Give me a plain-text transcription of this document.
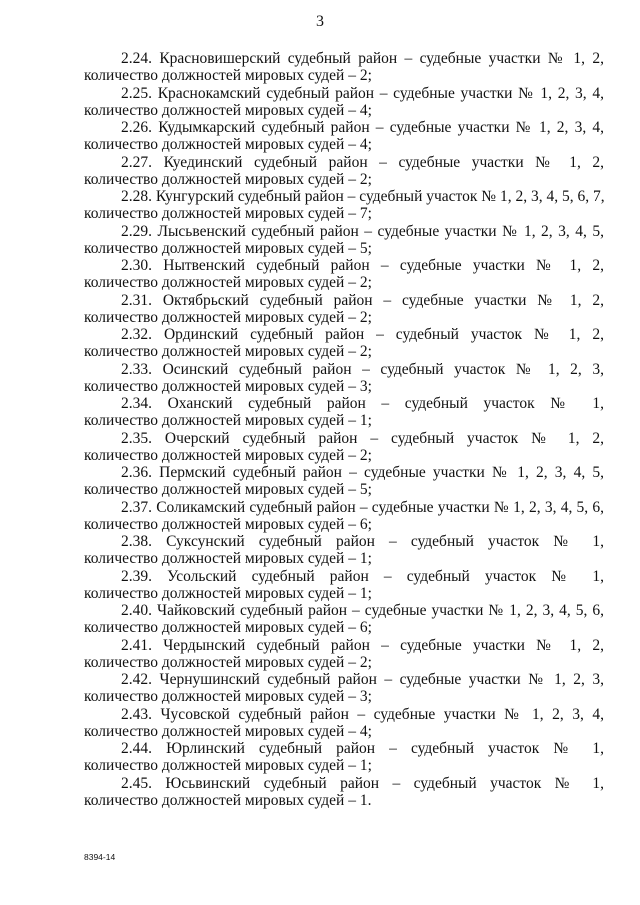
3
2.24. Красновишерский судебный район – судебные участки № 1, 2,
количество должностей мировых судей – 2;
2.25. Краснокамский судебный район – судебные участки № 1, 2, 3, 4,
количество должностей мировых судей – 4;
2.26. Кудымкарский судебный район – судебные участки № 1, 2, 3, 4,
количество должностей мировых судей – 4;
2.27. Куединский судебный район – судебные участки № 1, 2,
количество должностей мировых судей – 2;
2.28. Кунгурский судебный район – судебный участок № 1, 2, 3, 4, 5, 6, 7,
количество должностей мировых судей – 7;
2.29. Лысьвенский судебный район – судебные участки № 1, 2, 3, 4, 5,
количество должностей мировых судей – 5;
2.30. Нытвенский судебный район – судебные участки № 1, 2,
количество должностей мировых судей – 2;
2.31. Октябрьский судебный район – судебные участки № 1, 2,
количество должностей мировых судей – 2;
2.32. Ординский судебный район – судебный участок № 1, 2,
количество должностей мировых судей – 2;
2.33. Осинский судебный район – судебный участок № 1, 2, 3,
количество должностей мировых судей – 3;
2.34. Оханский судебный район – судебный участок № 1,
количество должностей мировых судей – 1;
2.35. Очерский судебный район – судебный участок № 1, 2,
количество должностей мировых судей – 2;
2.36. Пермский судебный район – судебные участки № 1, 2, 3, 4, 5,
количество должностей мировых судей – 5;
2.37. Соликамский судебный район – судебные участки № 1, 2, 3, 4, 5, 6,
количество должностей мировых судей – 6;
2.38. Суксунский судебный район – судебный участок № 1,
количество должностей мировых судей – 1;
2.39. Усольский судебный район – судебный участок № 1,
количество должностей мировых судей – 1;
2.40. Чайковский судебный район – судебные участки № 1, 2, 3, 4, 5, 6,
количество должностей мировых судей – 6;
2.41. Чердынский судебный район – судебные участки № 1, 2,
количество должностей мировых судей – 2;
2.42. Чернушинский судебный район – судебные участки № 1, 2, 3,
количество должностей мировых судей – 3;
2.43. Чусовской судебный район – судебные участки № 1, 2, 3, 4,
количество должностей мировых судей – 4;
2.44. Юрлинский судебный район – судебный участок № 1,
количество должностей мировых судей – 1;
2.45. Юсьвинский судебный район – судебный участок № 1,
количество должностей мировых судей – 1.
8394-14
